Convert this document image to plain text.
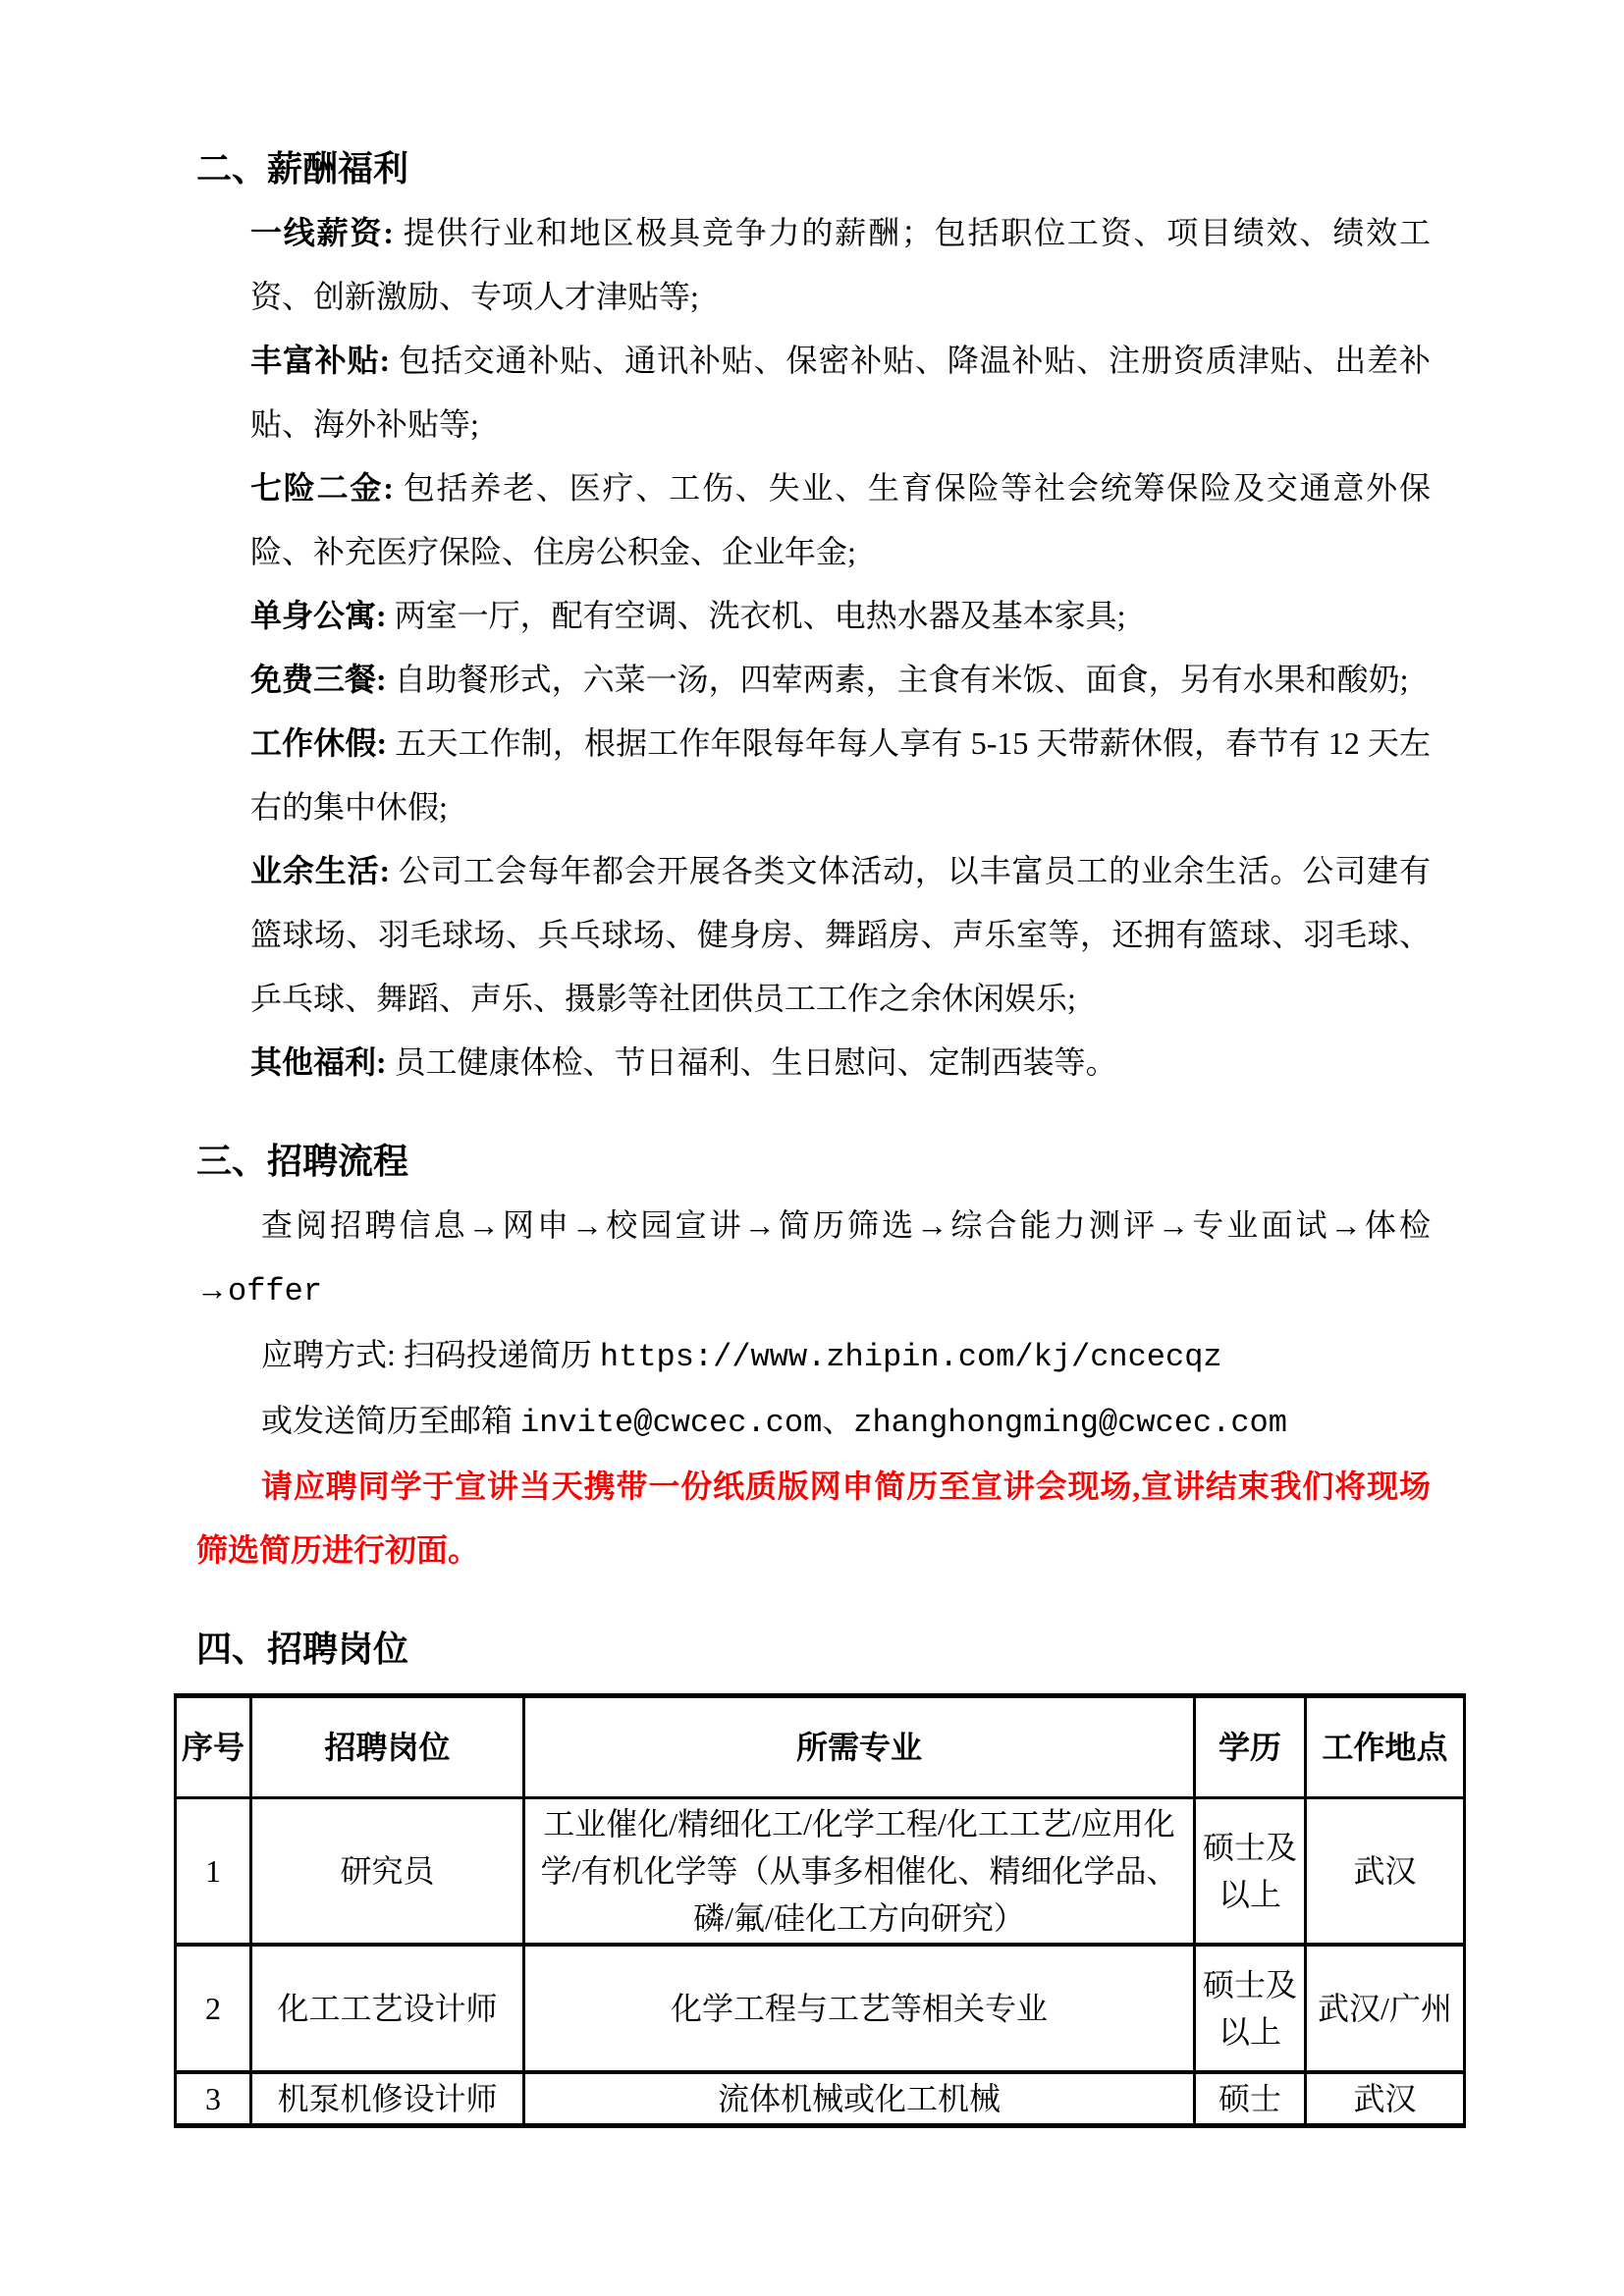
二、薪酬福利

一线薪资: 提供行业和地区极具竞争力的薪酬；包括职位工资、项目绩效、绩效工资、创新激励、专项人才津贴等;

丰富补贴: 包括交通补贴、通讯补贴、保密补贴、降温补贴、注册资质津贴、出差补贴、海外补贴等;

七险二金: 包括养老、医疗、工伤、失业、生育保险等社会统筹保险及交通意外保险、补充医疗保险、住房公积金、企业年金;

单身公寓: 两室一厅，配有空调、洗衣机、电热水器及基本家具;

免费三餐: 自助餐形式，六菜一汤，四荤两素，主食有米饭、面食，另有水果和酸奶;

工作休假: 五天工作制，根据工作年限每年每人享有 5-15 天带薪休假，春节有 12 天左右的集中休假;

业余生活: 公司工会每年都会开展各类文体活动，以丰富员工的业余生活。公司建有篮球场、羽毛球场、兵乓球场、健身房、舞蹈房、声乐室等，还拥有篮球、羽毛球、乒乓球、舞蹈、声乐、摄影等社团供员工工作之余休闲娱乐;

其他福利: 员工健康体检、节日福利、生日慰问、定制西装等。

三、招聘流程

查阅招聘信息→网申→校园宣讲→简历筛选→综合能力测评→专业面试→体检→offer

应聘方式: 扫码投递简历 https://www.zhipin.com/kj/cncecqz

或发送简历至邮箱 invite@cwcec.com、zhanghongming@cwcec.com

请应聘同学于宣讲当天携带一份纸质版网申简历至宣讲会现场,宣讲结束我们将现场筛选简历进行初面。

四、招聘岗位
序号	招聘岗位	所需专业	学历	工作地点
1	研究员	工业催化/精细化工/化学工程/化工工艺/应用化学/有机化学等（从事多相催化、精细化学品、磷/氟/硅化工方向研究）	硕士及以上	武汉
2	化工工艺设计师	化学工程与工艺等相关专业	硕士及以上	武汉/广州
3	机泵机修设计师	流体机械或化工机械	硕士	武汉
